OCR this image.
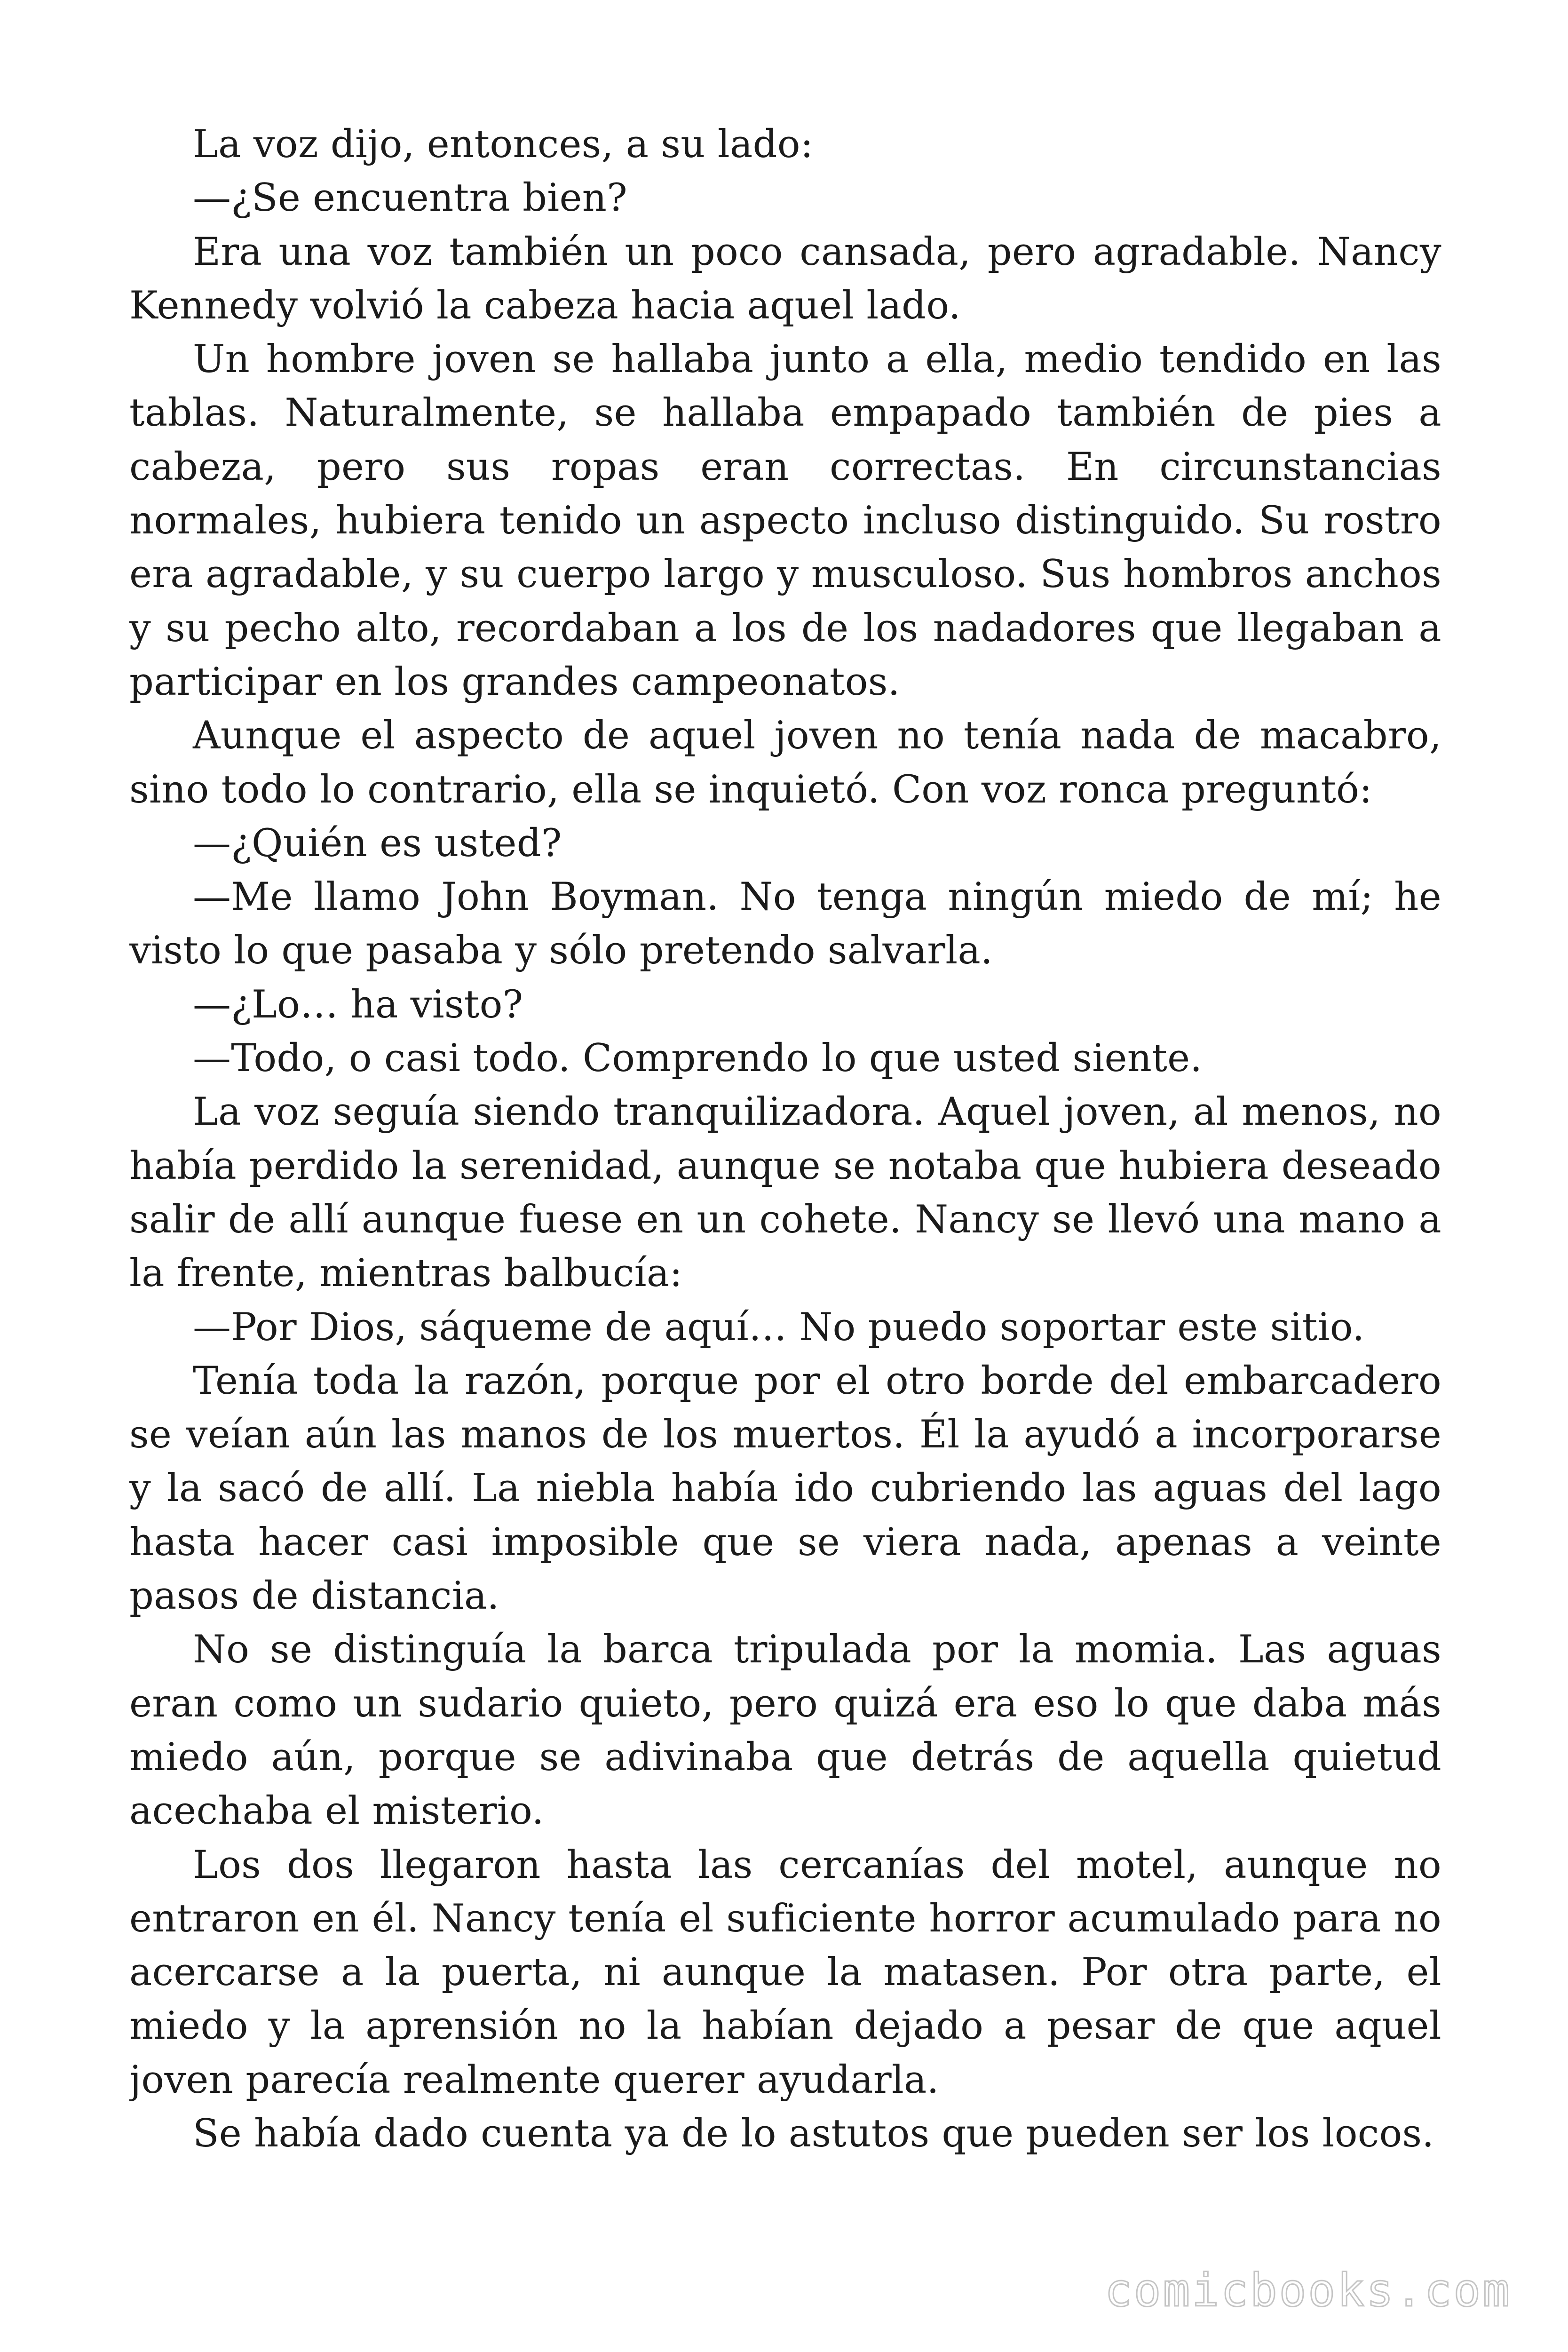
La voz dijo, entonces, a su lado:

—¿Se encuentra bien?

Era una voz también un poco cansada, pero agradable. Nancy Kennedy volvió la cabeza hacia aquel lado.

Un hombre joven se hallaba junto a ella, medio tendido en las tablas. Naturalmente, se hallaba empapado también de pies a cabeza, pero sus ropas eran correctas. En circunstancias normales, hubiera tenido un aspecto incluso distinguido. Su rostro era agradable, y su cuerpo largo y musculoso. Sus hombros anchos y su pecho alto, recordaban a los de los nadadores que llegaban a participar en los grandes campeonatos.

Aunque el aspecto de aquel joven no tenía nada de macabro, sino todo lo contrario, ella se inquietó. Con voz ronca preguntó:

—¿Quién es usted?

—Me llamo John Boyman. No tenga ningún miedo de mí; he visto lo que pasaba y sólo pretendo salvarla.

—¿Lo… ha visto?

—Todo, o casi todo. Comprendo lo que usted siente.

La voz seguía siendo tranquilizadora. Aquel joven, al menos, no había perdido la serenidad, aunque se notaba que hubiera deseado salir de allí aunque fuese en un cohete. Nancy se llevó una mano a la frente, mientras balbucía:

—Por Dios, sáqueme de aquí… No puedo soportar este sitio.

Tenía toda la razón, porque por el otro borde del embarcadero se veían aún las manos de los muertos. Él la ayudó a incorporarse y la sacó de allí. La niebla había ido cubriendo las aguas del lago hasta hacer casi imposible que se viera nada, apenas a veinte pasos de distancia.

No se distinguía la barca tripulada por la momia. Las aguas eran como un sudario quieto, pero quizá era eso lo que daba más miedo aún, porque se adivinaba que detrás de aquella quietud acechaba el misterio.

Los dos llegaron hasta las cercanías del motel, aunque no entraron en él. Nancy tenía el suficiente horror acumulado para no acercarse a la puerta, ni aunque la matasen. Por otra parte, el miedo y la aprensión no la habían dejado a pesar de que aquel joven parecía realmente querer ayudarla.

Se había dado cuenta ya de lo astutos que pueden ser los locos.

comicbooks.com
